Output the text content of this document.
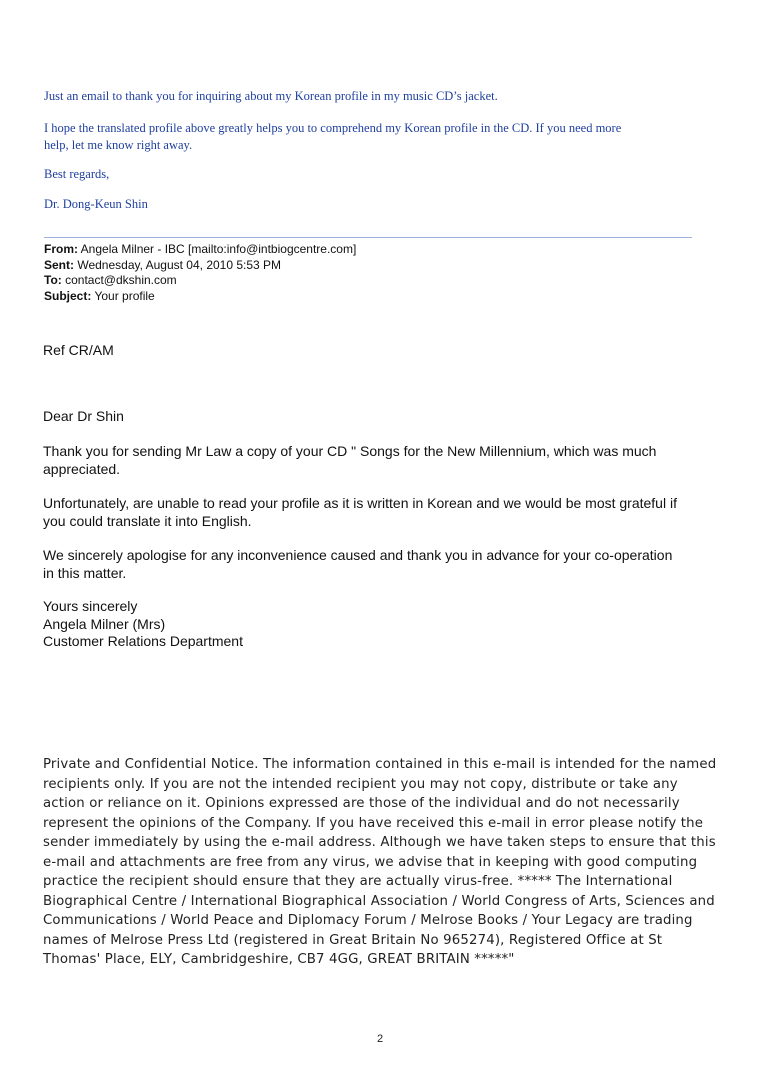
Just an email to thank you for inquiring about my Korean profile in my music CD’s jacket.

I hope the translated profile above greatly helps you to comprehend my Korean profile in the CD. If you need more help, let me know right away.

Best regards,

Dr. Dong-Keun Shin

From: Angela Milner - IBC [mailto:info@intbiogcentre.com]
Sent: Wednesday, August 04, 2010 5:53 PM
To: contact@dkshin.com
Subject: Your profile
Ref CR/AM
Dear Dr Shin
Thank you for sending Mr Law a copy of your CD " Songs for the New Millennium, which was much appreciated.
Unfortunately, are unable to read your profile as it is written in Korean and we would be most grateful if you could translate it into English.
We sincerely apologise for any inconvenience caused and thank you in advance for your co-operation in this matter.
Yours sincerely
Angela Milner (Mrs)
Customer Relations Department
Private and Confidential Notice. The information contained in this e-mail is intended for the named recipients only. If you are not the intended recipient you may not copy, distribute or take any action or reliance on it. Opinions expressed are those of the individual and do not necessarily represent the opinions of the Company. If you have received this e-mail in error please notify the sender immediately by using the e-mail address. Although we have taken steps to ensure that this e-mail and attachments are free from any virus, we advise that in keeping with good computing practice the recipient should ensure that they are actually virus-free. ***** The International Biographical Centre / International Biographical Association / World Congress of Arts, Sciences and Communications / World Peace and Diplomacy Forum / Melrose Books / Your Legacy are trading names of Melrose Press Ltd (registered in Great Britain No 965274), Registered Office at St Thomas' Place, ELY, Cambridgeshire, CB7 4GG, GREAT BRITAIN *****"
2
